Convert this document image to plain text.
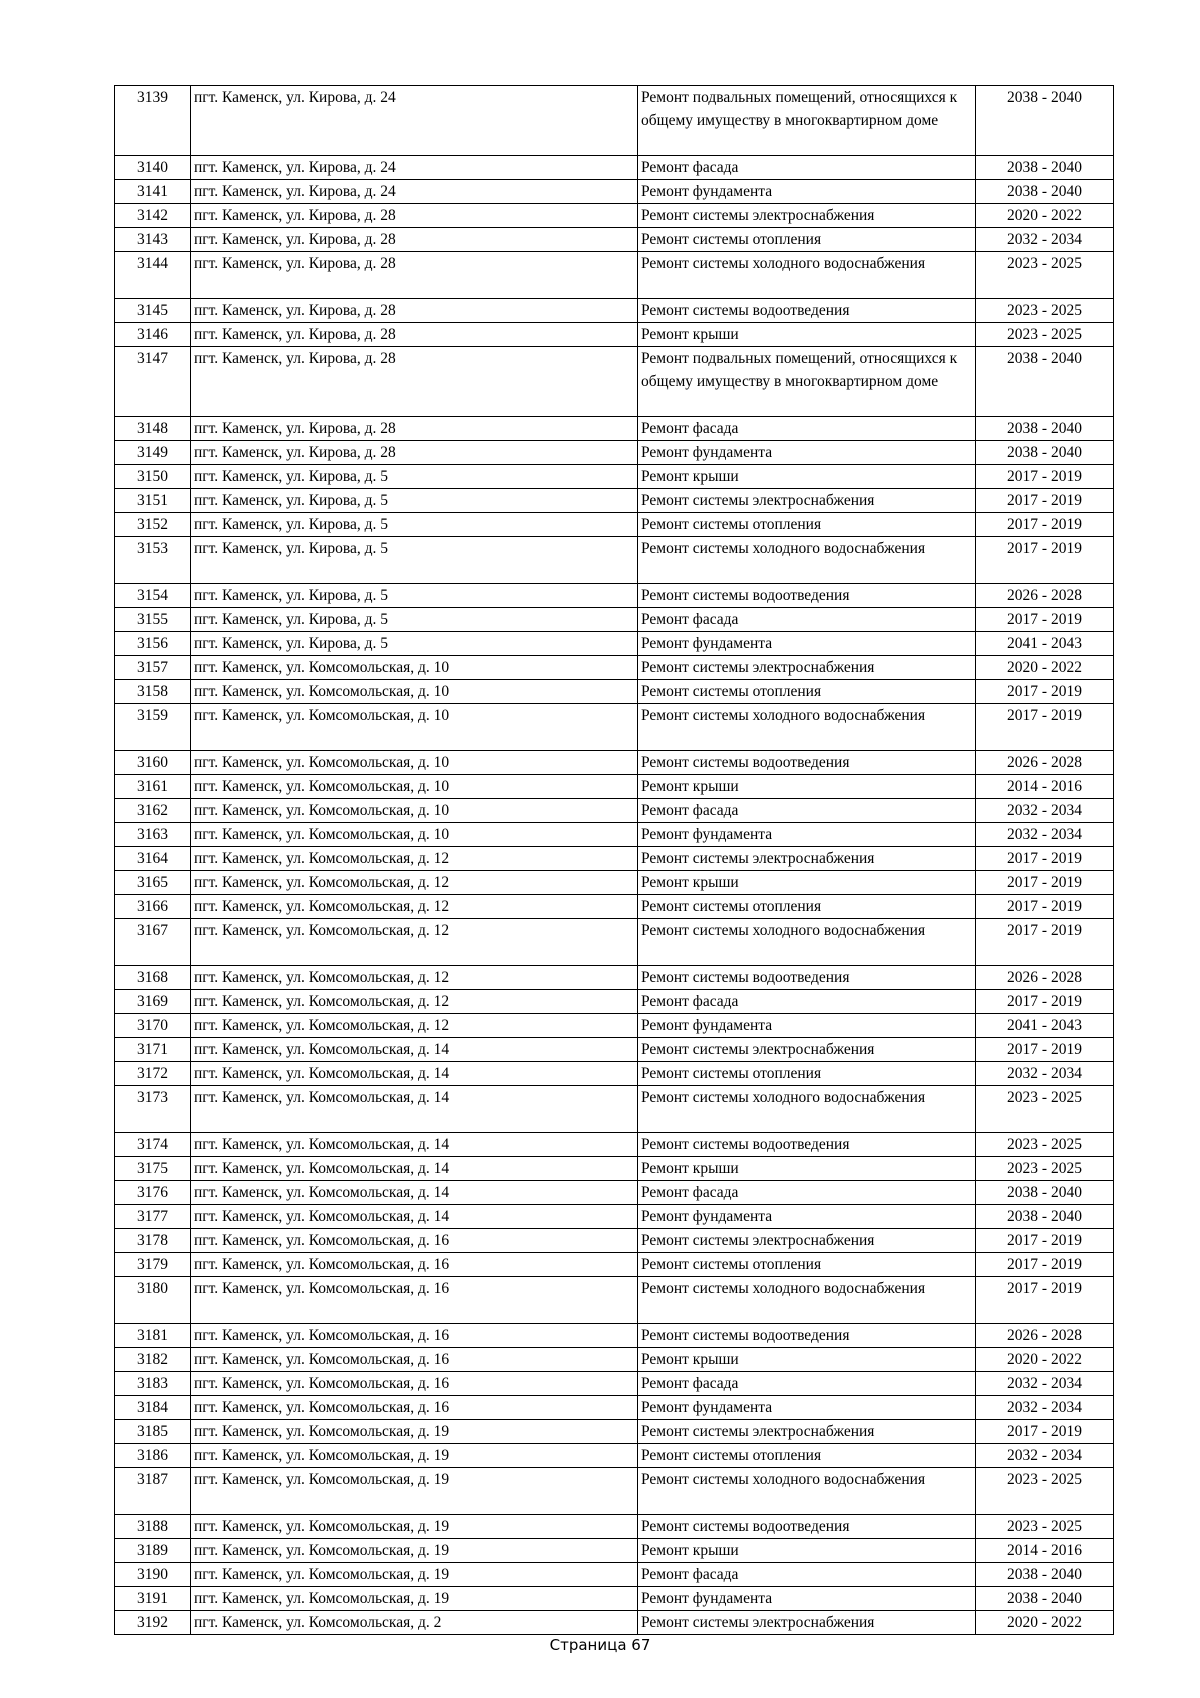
3139	пгт. Каменск, ул. Кирова, д. 24	Ремонт подвальных помещений, относящихся к общему имуществу в многоквартирном доме	2038 - 2040
3140	пгт. Каменск, ул. Кирова, д. 24	Ремонт фасада	2038 - 2040
3141	пгт. Каменск, ул. Кирова, д. 24	Ремонт фундамента	2038 - 2040
3142	пгт. Каменск, ул. Кирова, д. 28	Ремонт системы электроснабжения	2020 - 2022
3143	пгт. Каменск, ул. Кирова, д. 28	Ремонт системы отопления	2032 - 2034
3144	пгт. Каменск, ул. Кирова, д. 28	Ремонт системы холодного водоснабжения	2023 - 2025
3145	пгт. Каменск, ул. Кирова, д. 28	Ремонт системы водоотведения	2023 - 2025
3146	пгт. Каменск, ул. Кирова, д. 28	Ремонт крыши	2023 - 2025
3147	пгт. Каменск, ул. Кирова, д. 28	Ремонт подвальных помещений, относящихся к общему имуществу в многоквартирном доме	2038 - 2040
3148	пгт. Каменск, ул. Кирова, д. 28	Ремонт фасада	2038 - 2040
3149	пгт. Каменск, ул. Кирова, д. 28	Ремонт фундамента	2038 - 2040
3150	пгт. Каменск, ул. Кирова, д. 5	Ремонт крыши	2017 - 2019
3151	пгт. Каменск, ул. Кирова, д. 5	Ремонт системы электроснабжения	2017 - 2019
3152	пгт. Каменск, ул. Кирова, д. 5	Ремонт системы отопления	2017 - 2019
3153	пгт. Каменск, ул. Кирова, д. 5	Ремонт системы холодного водоснабжения	2017 - 2019
3154	пгт. Каменск, ул. Кирова, д. 5	Ремонт системы водоотведения	2026 - 2028
3155	пгт. Каменск, ул. Кирова, д. 5	Ремонт фасада	2017 - 2019
3156	пгт. Каменск, ул. Кирова, д. 5	Ремонт фундамента	2041 - 2043
3157	пгт. Каменск, ул. Комсомольская, д. 10	Ремонт системы электроснабжения	2020 - 2022
3158	пгт. Каменск, ул. Комсомольская, д. 10	Ремонт системы отопления	2017 - 2019
3159	пгт. Каменск, ул. Комсомольская, д. 10	Ремонт системы холодного водоснабжения	2017 - 2019
3160	пгт. Каменск, ул. Комсомольская, д. 10	Ремонт системы водоотведения	2026 - 2028
3161	пгт. Каменск, ул. Комсомольская, д. 10	Ремонт крыши	2014 - 2016
3162	пгт. Каменск, ул. Комсомольская, д. 10	Ремонт фасада	2032 - 2034
3163	пгт. Каменск, ул. Комсомольская, д. 10	Ремонт фундамента	2032 - 2034
3164	пгт. Каменск, ул. Комсомольская, д. 12	Ремонт системы электроснабжения	2017 - 2019
3165	пгт. Каменск, ул. Комсомольская, д. 12	Ремонт крыши	2017 - 2019
3166	пгт. Каменск, ул. Комсомольская, д. 12	Ремонт системы отопления	2017 - 2019
3167	пгт. Каменск, ул. Комсомольская, д. 12	Ремонт системы холодного водоснабжения	2017 - 2019
3168	пгт. Каменск, ул. Комсомольская, д. 12	Ремонт системы водоотведения	2026 - 2028
3169	пгт. Каменск, ул. Комсомольская, д. 12	Ремонт фасада	2017 - 2019
3170	пгт. Каменск, ул. Комсомольская, д. 12	Ремонт фундамента	2041 - 2043
3171	пгт. Каменск, ул. Комсомольская, д. 14	Ремонт системы электроснабжения	2017 - 2019
3172	пгт. Каменск, ул. Комсомольская, д. 14	Ремонт системы отопления	2032 - 2034
3173	пгт. Каменск, ул. Комсомольская, д. 14	Ремонт системы холодного водоснабжения	2023 - 2025
3174	пгт. Каменск, ул. Комсомольская, д. 14	Ремонт системы водоотведения	2023 - 2025
3175	пгт. Каменск, ул. Комсомольская, д. 14	Ремонт крыши	2023 - 2025
3176	пгт. Каменск, ул. Комсомольская, д. 14	Ремонт фасада	2038 - 2040
3177	пгт. Каменск, ул. Комсомольская, д. 14	Ремонт фундамента	2038 - 2040
3178	пгт. Каменск, ул. Комсомольская, д. 16	Ремонт системы электроснабжения	2017 - 2019
3179	пгт. Каменск, ул. Комсомольская, д. 16	Ремонт системы отопления	2017 - 2019
3180	пгт. Каменск, ул. Комсомольская, д. 16	Ремонт системы холодного водоснабжения	2017 - 2019
3181	пгт. Каменск, ул. Комсомольская, д. 16	Ремонт системы водоотведения	2026 - 2028
3182	пгт. Каменск, ул. Комсомольская, д. 16	Ремонт крыши	2020 - 2022
3183	пгт. Каменск, ул. Комсомольская, д. 16	Ремонт фасада	2032 - 2034
3184	пгт. Каменск, ул. Комсомольская, д. 16	Ремонт фундамента	2032 - 2034
3185	пгт. Каменск, ул. Комсомольская, д. 19	Ремонт системы электроснабжения	2017 - 2019
3186	пгт. Каменск, ул. Комсомольская, д. 19	Ремонт системы отопления	2032 - 2034
3187	пгт. Каменск, ул. Комсомольская, д. 19	Ремонт системы холодного водоснабжения	2023 - 2025
3188	пгт. Каменск, ул. Комсомольская, д. 19	Ремонт системы водоотведения	2023 - 2025
3189	пгт. Каменск, ул. Комсомольская, д. 19	Ремонт крыши	2014 - 2016
3190	пгт. Каменск, ул. Комсомольская, д. 19	Ремонт фасада	2038 - 2040
3191	пгт. Каменск, ул. Комсомольская, д. 19	Ремонт фундамента	2038 - 2040
3192	пгт. Каменск, ул. Комсомольская, д. 2	Ремонт системы электроснабжения	2020 - 2022
Страница 67
